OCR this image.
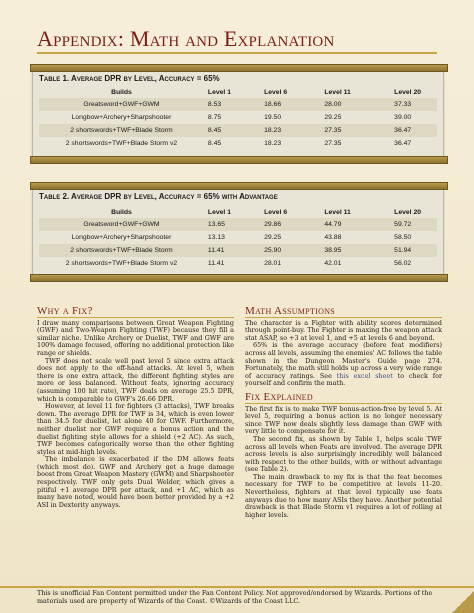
Appendix: Math and Explanation
Table 1. Average DPR by Level, Accuracy = 65%
Builds	Level 1	Level 6	Level 11	Level 20
Greatsword+GWF+GWM	8.53	18.66	28.00	37.33
Longbow+Archery+Sharpshooter	8.75	19.50	29.25	39.00
2 shortswords+TWF+Blade Storm	8.45	18.23	27.35	36.47
2 shortswords+TWF+Blade Storm v2	8.45	18.23	27.35	36.47
Table 2. Average DPR by Level, Accuracy = 65% with Advantage
Builds	Level 1	Level 6	Level 11	Level 20
Greatsword+GWF+GWM	13.65	29.86	44.79	59.72
Longbow+Archery+Sharpshooter	13.13	29.25	43.88	58.50
2 shortswords+TWF+Blade Storm	11.41	25.90	38.95	51.94
2 shortswords+TWF+Blade Storm v2	11.41	28.01	42.01	56.02
Why a Fix?

I draw many comparisons between Great Weapon Fighting (GWF) and Two-Weapon Fighting (TWF) because they fill a similar niche. Unlike Archery or Duelist, TWF and GWF are 100% damage focused, offering no additional protection like range or shields.

TWF does not scale well past level 5 since extra attack does not apply to the off-hand attacks. At level 5, when there is one extra attack, the different fighting styles are more or less balanced. Without feats, ignoring accuracy (assuming 100 hit rate), TWF deals on average 25.5 DPR, which is comparable to GWF's 26.66 DPR.

However, at level 11 for fighters (3 attacks), TWF breaks down. The average DPR for TWF is 34, which is even lower than 34.5 for duelist, let alone 40 for GWF. Furthermore, neither duelist nor GWF require a bonus action and the duelist fighting style allows for a shield (+2 AC). As such, TWF becomes categorically worse than the other fighting styles at mid-high levels.

The imbalance is exacerbated if the DM allows feats (which most do). GWF and Archery get a huge damage boost from Great Weapon Mastery (GWM) and Sharpshooter respectively. TWF only gets Dual Welder, which gives a pitiful +1 average DPR per attack, and +1 AC, which as many have noted, would have been better provided by a +2 ASI in Dexterity anyways.

Math Assumptions

The character is a Fighter with ability scores determined through point-buy. The Fighter is maxing the weapon attack stat ASAP, so +3 at level 1, and +5 at levels 6 and beyond.

65% is the average accuracy (before feat modifiers) across all levels, assuming the enemies' AC follows the table shown in the Dungeon Master's Guide page 274. Fortunately, the math still holds up across a very wide range of accuracy ratings. See this excel sheet to check for yourself and confirm the math.

Fix Explained

The first fix is to make TWF bonus-action-free by level 5. At level 5, requiring a bonus action is no longer necessary since TWF now deals slightly less damage than GWF with very little to compensate for it.

The second fix, as shown by Table 1, helps scale TWF across all levels when Feats are involved. The average DPR across levels is also surprisingly incredibly well balanced with respect to the other builds, with or without advantage (see Table 2).

The main drawback to my fix is that the feat becomes necessary for TWF to be competitive at levels 11-20. Nevertheless, fighters at that level typically use feats anyways due to how many ASIs they have. Another potential drawback is that Blade Storm v1 requires a lot of rolling at higher levels.

This is unofficial Fan Content permitted under the Fan Content Policy. Not approved/endorsed by Wizards. Portions of the materials used are property of Wizards of the Coast. ©Wizards of the Coast LLC.
